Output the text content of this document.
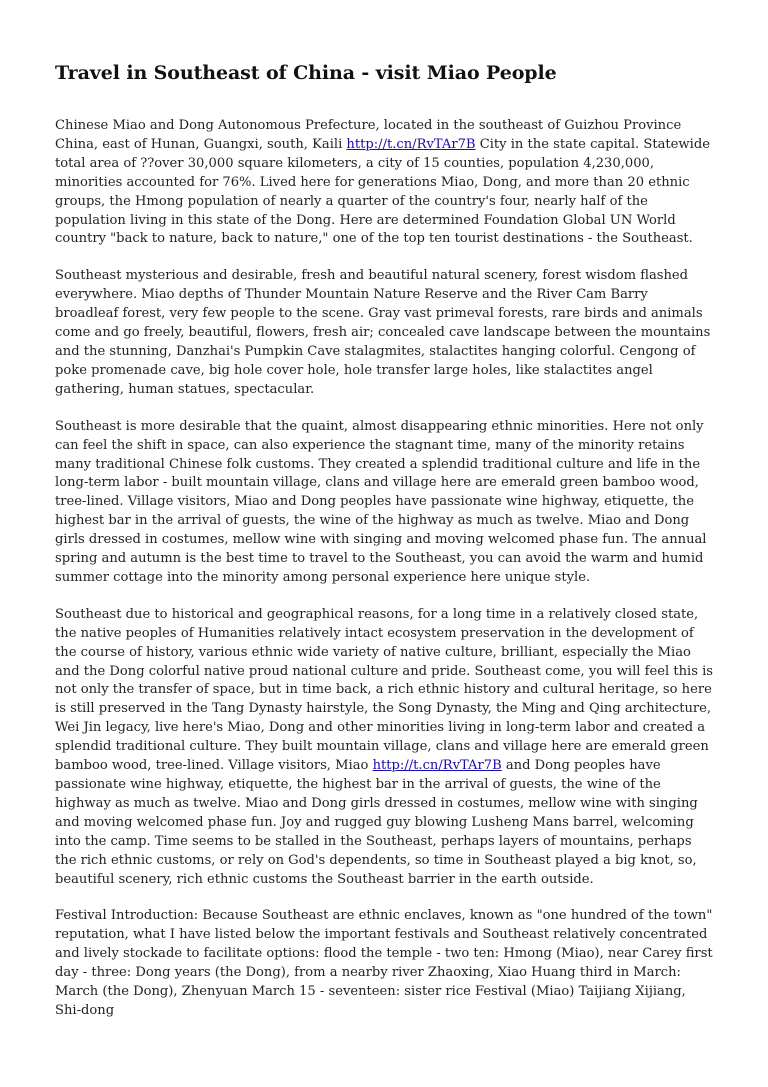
Travel in Southeast of China - visit Miao People

Chinese Miao and Dong Autonomous Prefecture, located in the southeast of Guizhou Province China, east of Hunan, Guangxi, south, Kaili http://t.cn/RvTAr7B City in the state capital. Statewide total area of ??over 30,000 square kilometers, a city of 15 counties, population 4,230,000, minorities accounted for 76%. Lived here for generations Miao, Dong, and more than 20 ethnic groups, the Hmong population of nearly a quarter of the country's four, nearly half of the population living in this state of the Dong. Here are determined Foundation Global UN World country "back to nature, back to nature," one of the top ten tourist destinations - the Southeast.

Southeast mysterious and desirable, fresh and beautiful natural scenery, forest wisdom flashed everywhere. Miao depths of Thunder Mountain Nature Reserve and the River Cam Barry broadleaf forest, very few people to the scene. Gray vast primeval forests, rare birds and animals come and go freely, beautiful, flowers, fresh air; concealed cave landscape between the mountains and the stunning, Danzhai's Pumpkin Cave stalagmites, stalactites hanging colorful. Cengong of poke promenade cave, big hole cover hole, hole transfer large holes, like stalactites angel gathering, human statues, spectacular.

Southeast is more desirable that the quaint, almost disappearing ethnic minorities. Here not only can feel the shift in space, can also experience the stagnant time, many of the minority retains many traditional Chinese folk customs. They created a splendid traditional culture and life in the long-term labor - built mountain village, clans and village here are emerald green bamboo wood, tree-lined. Village visitors, Miao and Dong peoples have passionate wine highway, etiquette, the highest bar in the arrival of guests, the wine of the highway as much as twelve. Miao and Dong girls dressed in costumes, mellow wine with singing and moving welcomed phase fun. The annual spring and autumn is the best time to travel to the Southeast, you can avoid the warm and humid summer cottage into the minority among personal experience here unique style.

Southeast due to historical and geographical reasons, for a long time in a relatively closed state, the native peoples of Humanities relatively intact ecosystem preservation in the development of the course of history, various ethnic wide variety of native culture, brilliant, especially the Miao and the Dong colorful native proud national culture and pride. Southeast come, you will feel this is not only the transfer of space, but in time back, a rich ethnic history and cultural heritage, so here is still preserved in the Tang Dynasty hairstyle, the Song Dynasty, the Ming and Qing architecture, Wei Jin legacy, live here's Miao, Dong and other minorities living in long-term labor and created a splendid traditional culture. They built mountain village, clans and village here are emerald green bamboo wood, tree-lined. Village visitors, Miao http://t.cn/RvTAr7B and Dong peoples have passionate wine highway, etiquette, the highest bar in the arrival of guests, the wine of the highway as much as twelve. Miao and Dong girls dressed in costumes, mellow wine with singing and moving welcomed phase fun. Joy and rugged guy blowing Lusheng Mans barrel, welcoming into the camp. Time seems to be stalled in the Southeast, perhaps layers of mountains, perhaps the rich ethnic customs, or rely on God's dependents, so time in Southeast played a big knot, so, beautiful scenery, rich ethnic customs the Southeast barrier in the earth outside.

Festival Introduction: Because Southeast are ethnic enclaves, known as "one hundred of the town" reputation, what I have listed below the important festivals and Southeast relatively concentrated and lively stockade to facilitate options: flood the temple - two ten: Hmong (Miao), near Carey first day - three: Dong years (the Dong), from a nearby river Zhaoxing, Xiao Huang third in March: March (the Dong), Zhenyuan March 15 - seventeen: sister rice Festival (Miao) Taijiang Xijiang, Shi-dong
